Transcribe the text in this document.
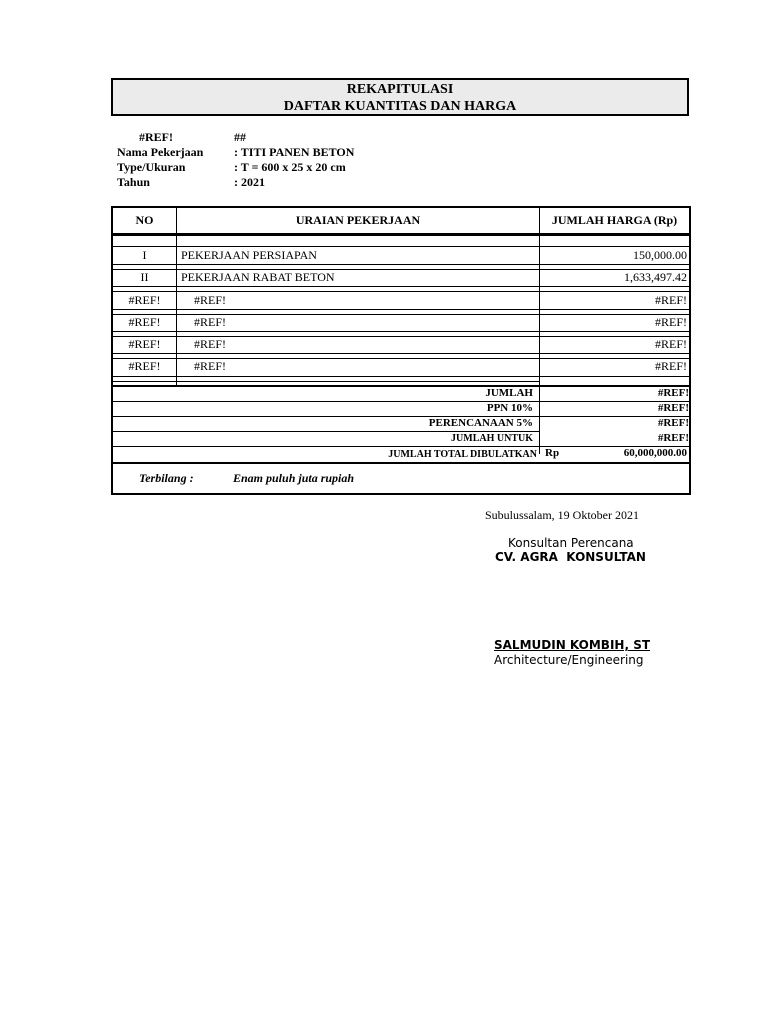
REKAPITULASI
DAFTAR KUANTITAS DAN HARGA
#REF!	##
Nama Pekerjaan	: TITI PANEN BETON
Type/Ukuran	: T = 600 x 25 x 20 cm
Tahun	: 2021
NO	URAIAN PEKERJAAN	JUMLAH HARGA (Rp)
I	PEKERJAAN PERSIAPAN	150,000.00
II	PEKERJAAN RABAT BETON	1,633,497.42
#REF!	#REF!	#REF!
#REF!	#REF!	#REF!
#REF!	#REF!	#REF!
#REF!	#REF!	#REF!
JUMLAH	#REF!
PPN 10%	#REF!
PERENCANAAN 5%	#REF!
JUMLAH UNTUK	#REF!
JUMLAH TOTAL DIBULATKAN Rp	60,000,000.00
Terbilang :	Enam puluh juta rupiah
Subulussalam, 19 Oktober 2021
Konsultan Perencana
CV. AGRA  KONSULTAN
SALMUDIN KOMBIH, ST
Architecture/Engineering
